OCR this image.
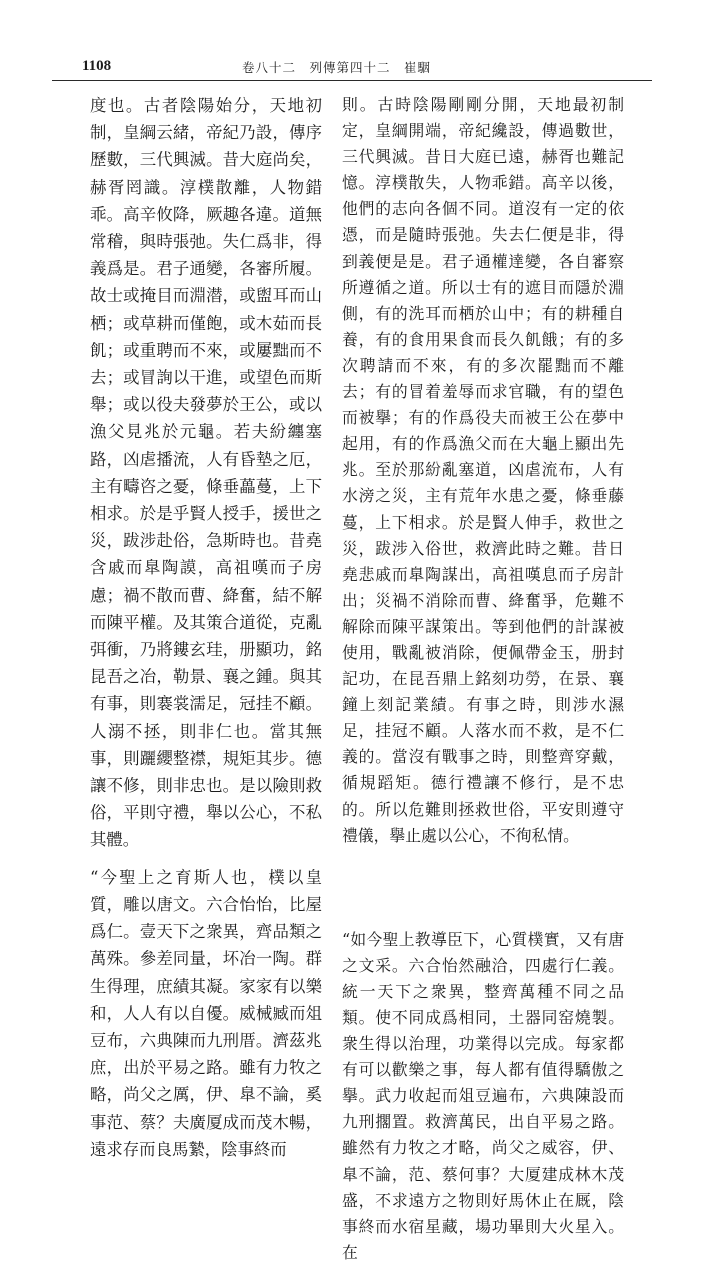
1108	卷八十二　列傳第四十二　崔駰

度也。古者陰陽始分，天地初制，皇綱云緒，帝紀乃設，傳序歷數，三代興滅。昔大庭尚矣，赫胥罔識。淳樸散離，人物錯乖。高辛攸降，厥趣各違。道無常稽，與時張弛。失仁爲非，得義爲是。君子通變，各審所履。故士或掩目而淵潜，或盥耳而山栖；或草耕而僅飽，或木茹而長飢；或重聘而不來，或屢黜而不去；或冒詢以干進，或望色而斯舉；或以役夫發夢於王公，或以漁父見兆於元龜。若夫紛纏塞路，凶虐播流，人有昏墊之厄，主有疇咨之憂，條垂藟蔓，上下相求。於是乎賢人授手，援世之災，跋涉赴俗，急斯時也。昔堯含戚而臯陶謨，高祖嘆而子房慮；禍不散而曹、絳奮，結不解而陳平權。及其策合道從，克亂弭衝，乃將鏤玄珪，册顯功，銘昆吾之冶，勒景、襄之鍾。與其有事，則褰裳濡足，冠挂不顧。人溺不拯，則非仁也。當其無事，則躧纓整襟，規矩其步。德讓不修，則非忠也。是以險則救俗，平則守禮，舉以公心，不私其體。

“今聖上之育斯人也，樸以皇質，雕以唐文。六合怡怡，比屋爲仁。壹天下之衆異，齊品類之萬殊。參差同量，坏冶一陶。群生得理，庶績其凝。家家有以樂和，人人有以自優。威械臧而俎豆布，六典陳而九刑厝。濟茲兆庶，出於平易之路。雖有力牧之略，尚父之厲，伊、臯不論，奚事范、蔡？夫廣厦成而茂木暢，遠求存而良馬縶，陰事終而

則。古時陰陽剛剛分開，天地最初制定，皇綱開端，帝紀纔設，傳過數世，三代興滅。昔日大庭已遠，赫胥也難記憶。淳樸散失，人物乖錯。高辛以後，他們的志向各個不同。道沒有一定的依憑，而是隨時張弛。失去仁便是非，得到義便是是。君子通權達變，各自審察所遵循之道。所以士有的遮目而隱於淵側，有的洗耳而栖於山中；有的耕種自養，有的食用果食而長久飢餓；有的多次聘請而不來，有的多次罷黜而不離去；有的冒着羞辱而求官職，有的望色而被擧；有的作爲役夫而被王公在夢中起用，有的作爲漁父而在大龜上顯出先兆。至於那紛亂塞道，凶虐流布，人有水滂之災，主有荒年水患之憂，條垂藤蔓，上下相求。於是賢人伸手，救世之災，跋涉入俗世，救濟此時之難。昔日堯悲戚而臯陶謀出，高祖嘆息而子房計出；災禍不消除而曹、絳奮爭，危難不解除而陳平謀策出。等到他們的計謀被使用，戰亂被消除，便佩帶金玉，册封記功，在昆吾鼎上銘刻功勞，在景、襄鐘上刻記業績。有事之時，則涉水濕足，挂冠不顧。人落水而不救，是不仁義的。當沒有戰事之時，則整齊穿戴，循規蹈矩。德行禮讓不修行，是不忠的。所以危難則拯救世俗，平安則遵守禮儀，擧止處以公心，不徇私情。

“如今聖上教導臣下，心質樸實，又有唐之文采。六合怡然融洽，四處行仁義。統一天下之衆異，整齊萬種不同之品類。使不同成爲相同，土器同窑燒製。衆生得以治理，功業得以完成。每家都有可以歡樂之事，每人都有值得驕傲之擧。武力收起而俎豆遍布，六典陳設而九刑擱置。救濟萬民，出自平易之路。雖然有力牧之才略，尚父之威容，伊、臯不論，范、蔡何事？大厦建成林木茂盛，不求遠方之物則好馬休止在厩，陰事終而水宿星藏，場功畢則大火星入。在
